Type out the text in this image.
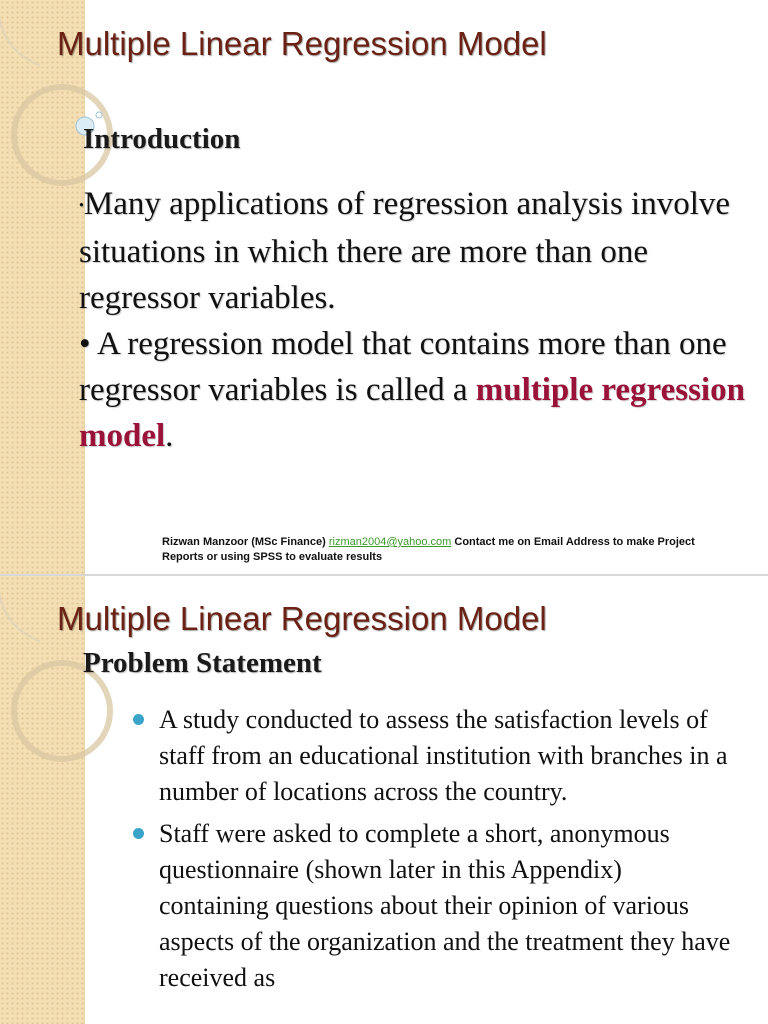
Multiple Linear Regression Model
Introduction

•Many applications of regression analysis involve situations in which there are more than one regressor variables.

• A regression model that contains more than one regressor variables is called a multiple regression model.

Rizwan Manzoor (MSc Finance) rizman2004@yahoo.com Contact me on Email Address to make Project Reports or using SPSS to evaluate results
Multiple Linear Regression Model
Problem Statement
A study conducted to assess the satisfaction levels of staff from an educational institution with branches in a number of locations across the country.
Staff were asked to complete a short, anonymous questionnaire (shown later in this Appendix) containing questions about their opinion of various aspects of the organization and the treatment they have received as
